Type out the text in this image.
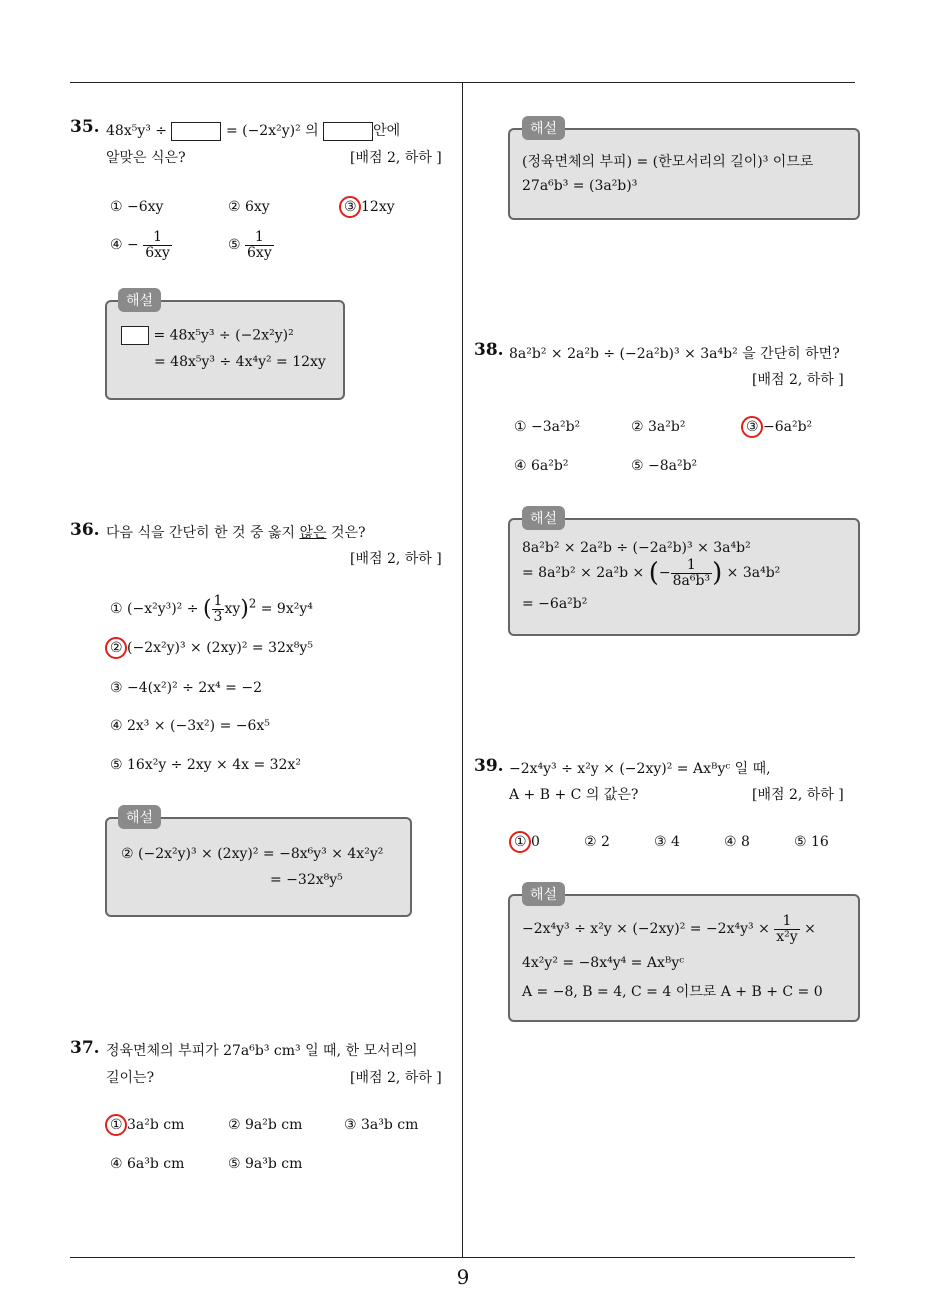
9
35. 48x⁵y³ ÷	= (−2x²y)² 의	안에
알맞은 식은?	[배점 2, 하하 ]
① −6xy	② 6xy	③ 12xy
④ − $\frac{1}{6xy}$	⑤ $\frac{1}{6xy}$
해설
= 48x⁵y³ ÷ (−2x²y)²
= 48x⁵y³ ÷ 4x⁴y² = 12xy
36. 다음 식을 간단히 한 것 중 옳지 않은 것은?
[배점 2, 하하 ]
① (−x²y³)² ÷ ( $\frac{1}{3} xy)^2 = 9x^2y^4$
② (−2x²y)³ × (2xy)² = 32x⁸y⁵
③ −4(x²)² ÷ 2x⁴ = −2
④ 2x³ × (−3x²) = −6x⁵
⑤ 16x²y ÷ 2xy × 4x = 32x²
해설
② (−2x²y)³ × (2xy)² = −8x⁶y³ × 4x²y²
= −32x⁸y⁵
37. 정육면체의 부피가 27a⁶b³ cm³ 일 때, 한 모서리의
길이는?	[배점 2, 하하 ]
① 3a²b cm	② 9a²b cm	③ 3a³b cm
④ 6a³b cm	⑤ 9a³b cm
해설
(정육면체의 부피) = (한모서리의 길이)³ 이므로
27a⁶b³ = (3a²b)³
38. 8a²b² × 2a²b ÷ (−2a²b)³ × 3a⁴b² 을 간단히 하면?
[배점 2, 하하 ]
① −3a²b²	② 3a²b²	③ −6a²b²
④ 6a²b²	⑤ −8a²b²
해설
8a²b² × 2a²b ÷ (−2a²b)³ × 3a⁴b²
= 8a²b² × 2a²b × (− $\frac{1}{\text{8a⁶b³}}$ ) × 3a⁴b²
= −6a²b²
39. −2x⁴y³ ÷ x²y × (−2xy)² = Axᴮyᶜ 일 때,
A + B + C 의 값은?	[배점 2, 하하 ]
① 0	② 2	③ 4	④ 8	⑤ 16
해설
$-2x^4y^3 \div x^2y \times (-2xy)^2 = -2x^4y^3 \times \frac{1}{\text{x²y}}$ ×
4x²y² = −8x⁴y⁴ = Axᴮyᶜ
A = −8, B = 4, C = 4 이므로 A + B + C = 0
